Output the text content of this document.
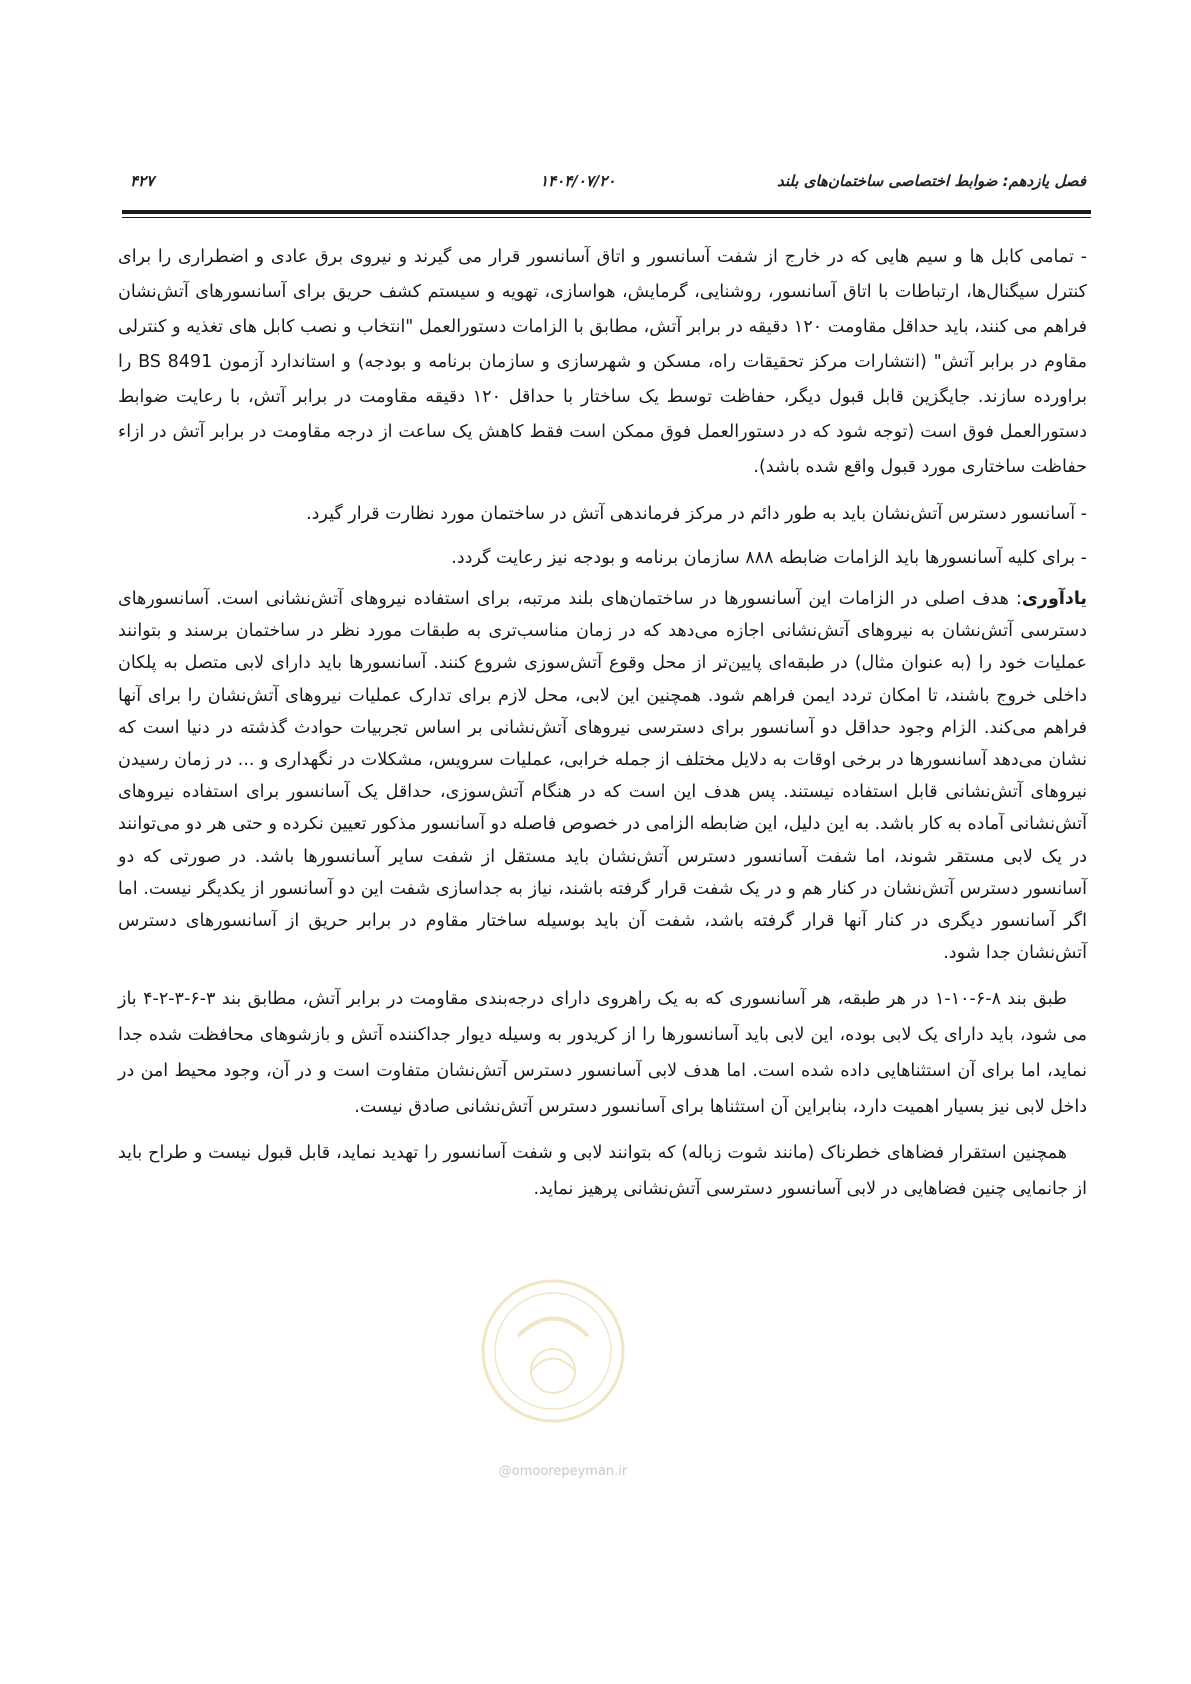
فصل یازدهم: ضوابط اختصاصی ساختمان‌های بلند
۱۴۰۴/۰۷/۲۰
۴۲۷
@omoorepeyman.ir

- تمامی کابل ها و سیم هایی که در خارج از شفت آسانسور و اتاق آسانسور قرار می گیرند و نیروی برق عادی و اضطراری را برای کنترل سیگنال‌ها، ارتباطات با اتاق آسانسور، روشنایی، گرمایش، هواسازی، تهویه و سیستم کشف حریق برای آسانسورهای آتش‌نشان فراهم می کنند، باید حداقل مقاومت ۱۲۰ دقیقه در برابر آتش، مطابق با الزامات دستورالعمل "انتخاب و نصب کابل های تغذیه و کنترلی مقاوم در برابر آتش" (انتشارات مرکز تحقیقات راه، مسکن و شهرسازی و سازمان برنامه و بودجه) و استاندارد آزمون BS 8491 را براورده سازند. جایگزین قابل قبول دیگر، حفاظت توسط یک ساختار با حداقل ۱۲۰ دقیقه مقاومت در برابر آتش، با رعایت ضوابط دستورالعمل فوق است (توجه شود که در دستورالعمل فوق ممکن است فقط کاهش یک ساعت از درجه مقاومت در برابر آتش در ازاء حفاظت ساختاری مورد قبول واقع شده باشد).

- آسانسور دسترس آتش‌نشان باید به طور دائم در مرکز فرماندهی آتش در ساختمان مورد نظارت قرار گیرد.

- برای کلیه آسانسورها باید الزامات ضابطه ۸۸۸ سازمان برنامه و بودجه نیز رعایت گردد.

یادآوری: هدف اصلی در الزامات این آسانسورها در ساختمان‌های بلند مرتبه، برای استفاده نیروهای آتش‌نشانی است. آسانسورهای دسترسی آتش‌نشان به نیروهای آتش‌نشانی اجازه می‌دهد که در زمان مناسب‌تری به طبقات مورد نظر در ساختمان برسند و بتوانند عملیات خود را (به عنوان مثال) در طبقه‌ای پایین‌تر از محل وقوع آتش‌سوزی شروع کنند. آسانسورها باید دارای لابی متصل به پلکان داخلی خروج باشند، تا امکان تردد ایمن فراهم شود. همچنین این لابی، محل لازم برای تدارک عملیات نیروهای آتش‌نشان را برای آنها فراهم می‌کند. الزام وجود حداقل دو آسانسور برای دسترسی نیروهای آتش‌نشانی بر اساس تجربیات حوادث گذشته در دنیا است که نشان می‌دهد آسانسورها در برخی اوقات به دلایل مختلف از جمله خرابی، عملیات سرویس، مشکلات در نگهداری و ... در زمان رسیدن نیروهای آتش‌نشانی قابل استفاده نیستند. پس هدف این است که در هنگام آتش‌سوزی، حداقل یک آسانسور برای استفاده نیروهای آتش‌نشانی آماده به کار باشد. به این دلیل، این ضابطه الزامی در خصوص فاصله دو آسانسور مذکور تعیین نکرده و حتی هر دو می‌توانند در یک لابی مستقر شوند، اما شفت آسانسور دسترس آتش‌نشان باید مستقل از شفت سایر آسانسورها باشد. در صورتی که دو آسانسور دسترس آتش‌نشان در کنار هم و در یک شفت قرار گرفته باشند، نیاز به جداسازی شفت این دو آسانسور از یکدیگر نیست. اما اگر آسانسور دیگری در کنار آنها قرار گرفته باشد، شفت آن باید بوسیله ساختار مقاوم در برابر حریق از آسانسورهای دسترس آتش‌نشان جدا شود.

طبق بند ۸-۶-۱۰-۱ در هر طبقه، هر آسانسوری که به یک راهروی دارای درجه‌بندی مقاومت در برابر آتش، مطابق بند ۳-۶-۳-۲-۴ باز می شود، باید دارای یک لابی بوده، این لابی باید آسانسورها را از کریدور به وسیله دیوار جداکننده آتش و بازشوهای محافظت شده جدا نماید، اما برای آن استثناهایی داده شده است. اما هدف لابی آسانسور دسترس آتش‌نشان متفاوت است و در آن، وجود محیط امن در داخل لابی نیز بسیار اهمیت دارد، بنابراین آن استثناها برای آسانسور دسترس آتش‌نشانی صادق نیست.

همچنین استقرار فضاهای خطرناک (مانند شوت زباله) که بتوانند لابی و شفت آسانسور را تهدید نماید، قابل قبول نیست و طراح باید از جانمایی چنین فضاهایی در لابی آسانسور دسترسی آتش‌نشانی پرهیز نماید.
